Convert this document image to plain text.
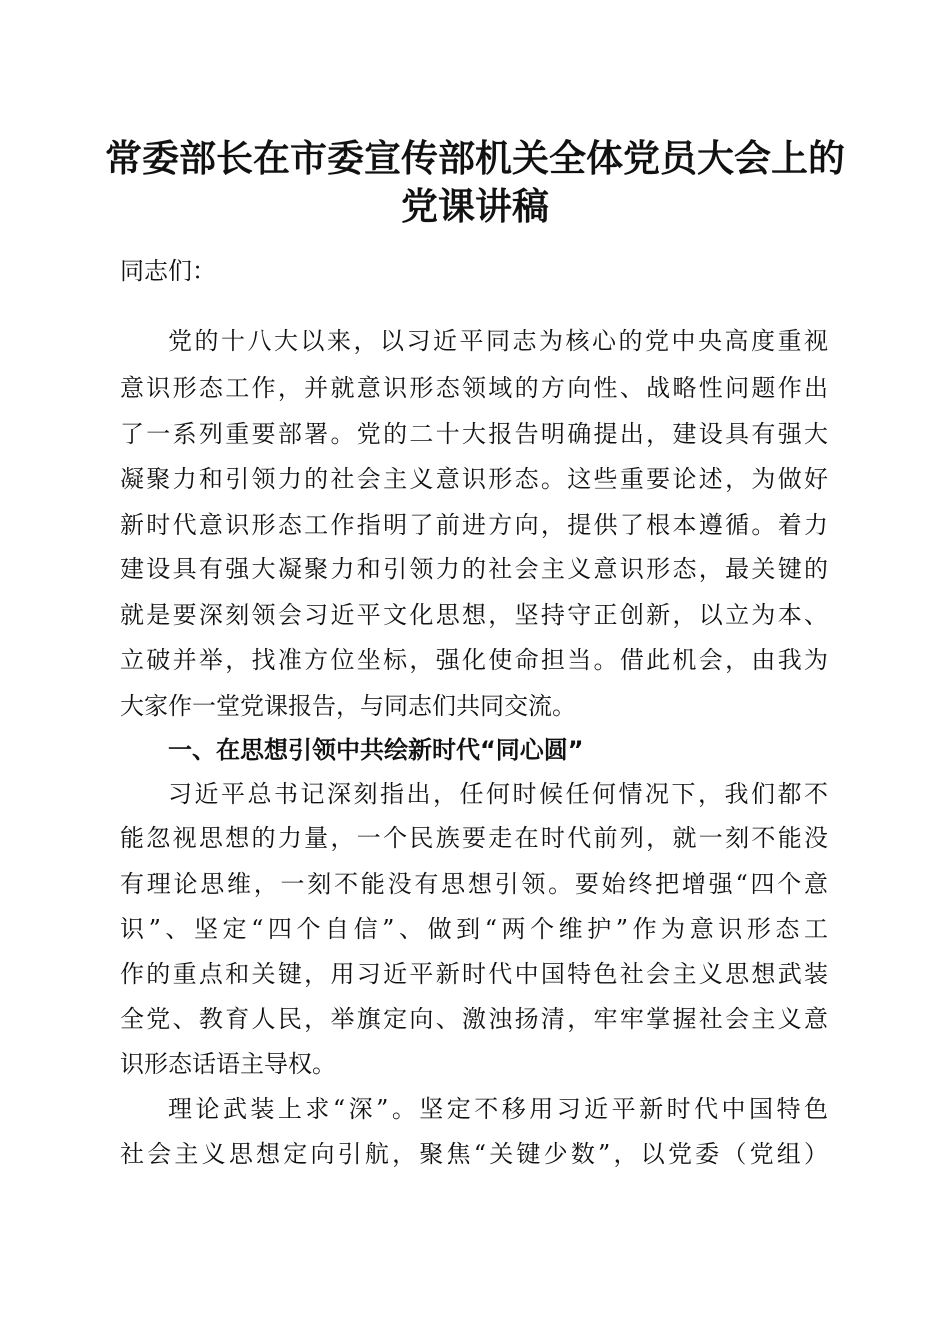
常委部长在市委宣传部机关全体党员大会上的
党课讲稿

同志们：

党的十八大以来，以习近平同志为核心的党中央高度重视

意识形态工作，并就意识形态领域的方向性、战略性问题作出

了一系列重要部署。党的二十大报告明确提出，建设具有强大

凝聚力和引领力的社会主义意识形态。这些重要论述，为做好

新时代意识形态工作指明了前进方向，提供了根本遵循。着力

建设具有强大凝聚力和引领力的社会主义意识形态，最关键的

就是要深刻领会习近平文化思想，坚持守正创新，以立为本、

立破并举，找准方位坐标，强化使命担当。借此机会，由我为

大家作一堂党课报告，与同志们共同交流。

一、在思想引领中共绘新时代“同心圆”

习近平总书记深刻指出，任何时候任何情况下，我们都不

能忽视思想的力量，一个民族要走在时代前列，就一刻不能没

有理论思维，一刻不能没有思想引领。要始终把增强“四个意

识”、坚定“四个自信”、做到“两个维护”作为意识形态工

作的重点和关键，用习近平新时代中国特色社会主义思想武装

全党、教育人民，举旗定向、激浊扬清，牢牢掌握社会主义意

识形态话语主导权。

理论武装上求“深”。坚定不移用习近平新时代中国特色

社会主义思想定向引航，聚焦“关键少数”，以党委（党组）
